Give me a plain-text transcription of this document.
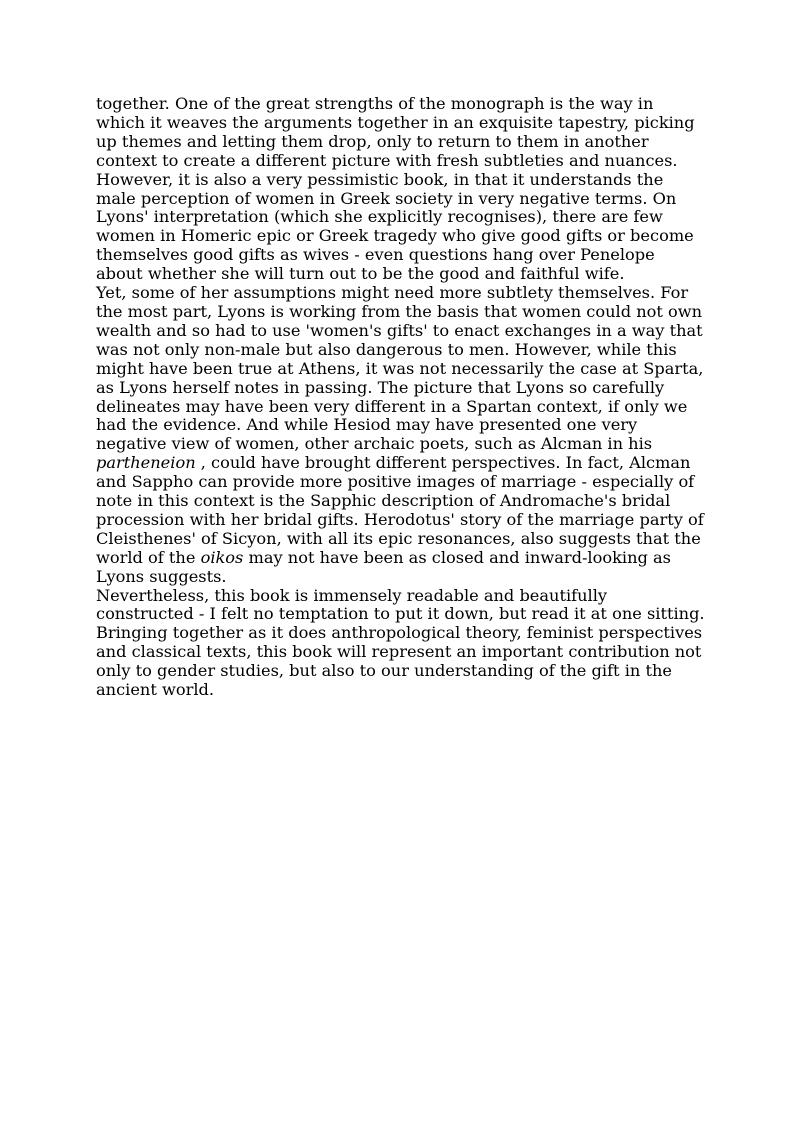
together. One of the great strengths of the monograph is the way in
which it weaves the arguments together in an exquisite tapestry, picking
up themes and letting them drop, only to return to them in another
context to create a different picture with fresh subtleties and nuances.
However, it is also a very pessimistic book, in that it understands the
male perception of women in Greek society in very negative terms. On
Lyons' interpretation (which she explicitly recognises), there are few
women in Homeric epic or Greek tragedy who give good gifts or become
themselves good gifts as wives - even questions hang over Penelope
about whether she will turn out to be the good and faithful wife.
Yet, some of her assumptions might need more subtlety themselves. For
the most part, Lyons is working from the basis that women could not own
wealth and so had to use 'women's gifts' to enact exchanges in a way that
was not only non-male but also dangerous to men. However, while this
might have been true at Athens, it was not necessarily the case at Sparta,
as Lyons herself notes in passing. The picture that Lyons so carefully
delineates may have been very different in a Spartan context, if only we
had the evidence. And while Hesiod may have presented one very
negative view of women, other archaic poets, such as Alcman in his
partheneion , could have brought different perspectives. In fact, Alcman
and Sappho can provide more positive images of marriage - especially of
note in this context is the Sapphic description of Andromache's bridal
procession with her bridal gifts. Herodotus' story of the marriage party of
Cleisthenes' of Sicyon, with all its epic resonances, also suggests that the
world of the oikos may not have been as closed and inward-looking as
Lyons suggests.
Nevertheless, this book is immensely readable and beautifully
constructed - I felt no temptation to put it down, but read it at one sitting.
Bringing together as it does anthropological theory, feminist perspectives
and classical texts, this book will represent an important contribution not
only to gender studies, but also to our understanding of the gift in the
ancient world.
